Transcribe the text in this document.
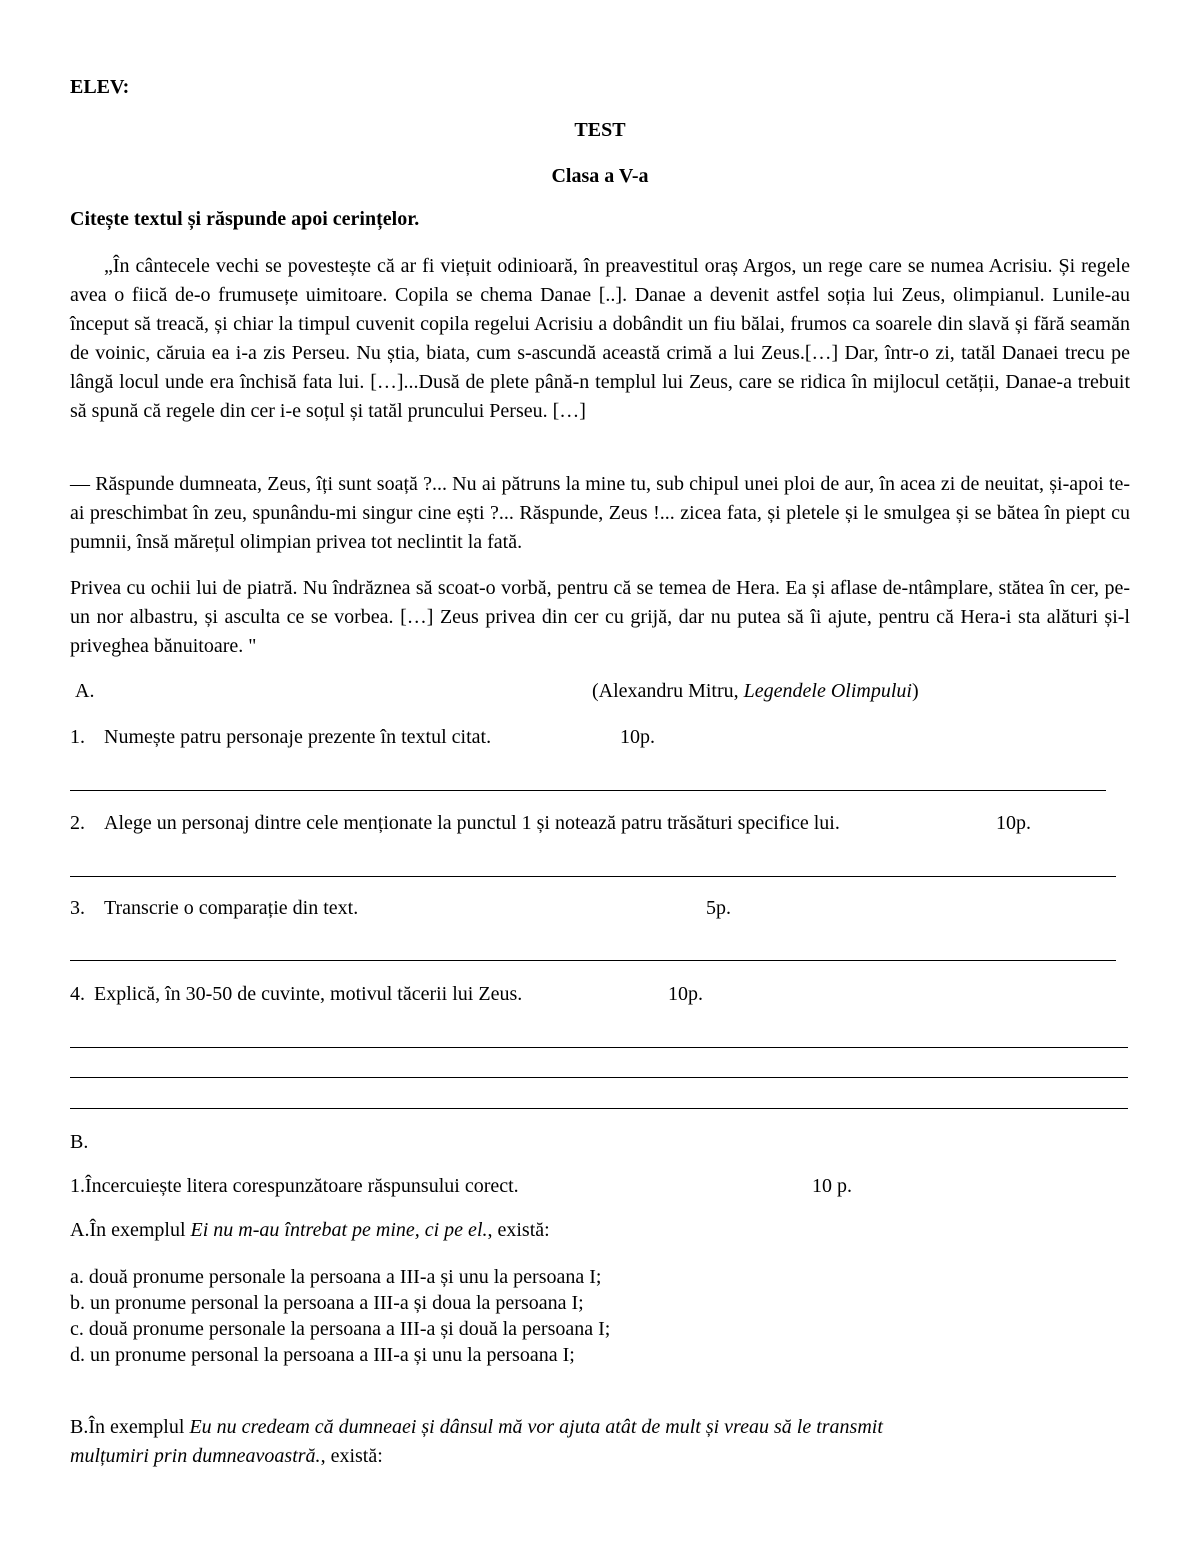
ELEV:
TEST
Clasa a V-a
Citește textul și răspunde apoi cerințelor.
„În cântecele vechi se povestește că ar fi viețuit odinioară, în preavestitul oraș Argos, un rege care se numea Acrisiu. Și regele avea o fiică de-o frumusețe uimitoare. Copila se chema Danae [..]. Danae a devenit astfel soția lui Zeus, olimpianul. Lunile-au început să treacă, și chiar la timpul cuvenit copila regelui Acrisiu a dobândit un fiu bălai, frumos ca soarele din slavă și fără seamăn de voinic, căruia ea i-a zis Perseu. Nu știa, biata, cum s-ascundă această crimă a lui Zeus.[…] Dar, într-o zi, tatăl Danaei trecu pe lângă locul unde era închisă fata lui. […]...Dusă de plete până-n templul lui Zeus, care se ridica în mijlocul cetății, Danae-a trebuit să spună că regele din cer i-e soțul și tatăl pruncului Perseu. […]
— Răspunde dumneata, Zeus, îți sunt soață ?... Nu ai pătruns la mine tu, sub chipul unei ploi de aur, în acea zi de neuitat, și-apoi te-ai preschimbat în zeu, spunându-mi singur cine ești ?... Răspunde, Zeus !... zicea fata, și pletele și le smulgea și se bătea în piept cu pumnii, însă mărețul olimpian privea tot neclintit la fată.
Privea cu ochii lui de piatră. Nu îndrăznea să scoat-o vorbă, pentru că se temea de Hera. Ea și aflase de-ntâmplare, stătea în cer, pe-un nor albastru, și asculta ce se vorbea. […] Zeus privea din cer cu grijă, dar nu putea să îi ajute, pentru că Hera-i sta alături și-l priveghea bănuitoare. "
A.	(Alexandru Mitru, Legendele Olimpului)
1. Numește patru personaje prezente în textul citat.	10p.
2. Alege un personaj dintre cele menționate la punctul 1 și notează patru trăsături specifice lui.	10p.
3. Transcrie o comparație din text.	5p.
4. Explică, în 30-50 de cuvinte, motivul tăcerii lui Zeus.	10p.
B.
1.Încercuiește litera corespunzătoare răspunsului corect.	10 p.
A.În exemplul Ei nu m-au întrebat pe mine, ci pe el., există:
a. două pronume personale la persoana a III-a și unu la persoana I;
b. un pronume personal la persoana a III-a și doua la persoana I;
c. două pronume personale la persoana a III-a și două la persoana I;
d. un pronume personal la persoana a III-a și unu la persoana I;
B.În exemplul Eu nu credeam că dumneaei și dânsul mă vor ajuta atât de mult și vreau să le transmit
mulțumiri prin dumneavoastră., există:
